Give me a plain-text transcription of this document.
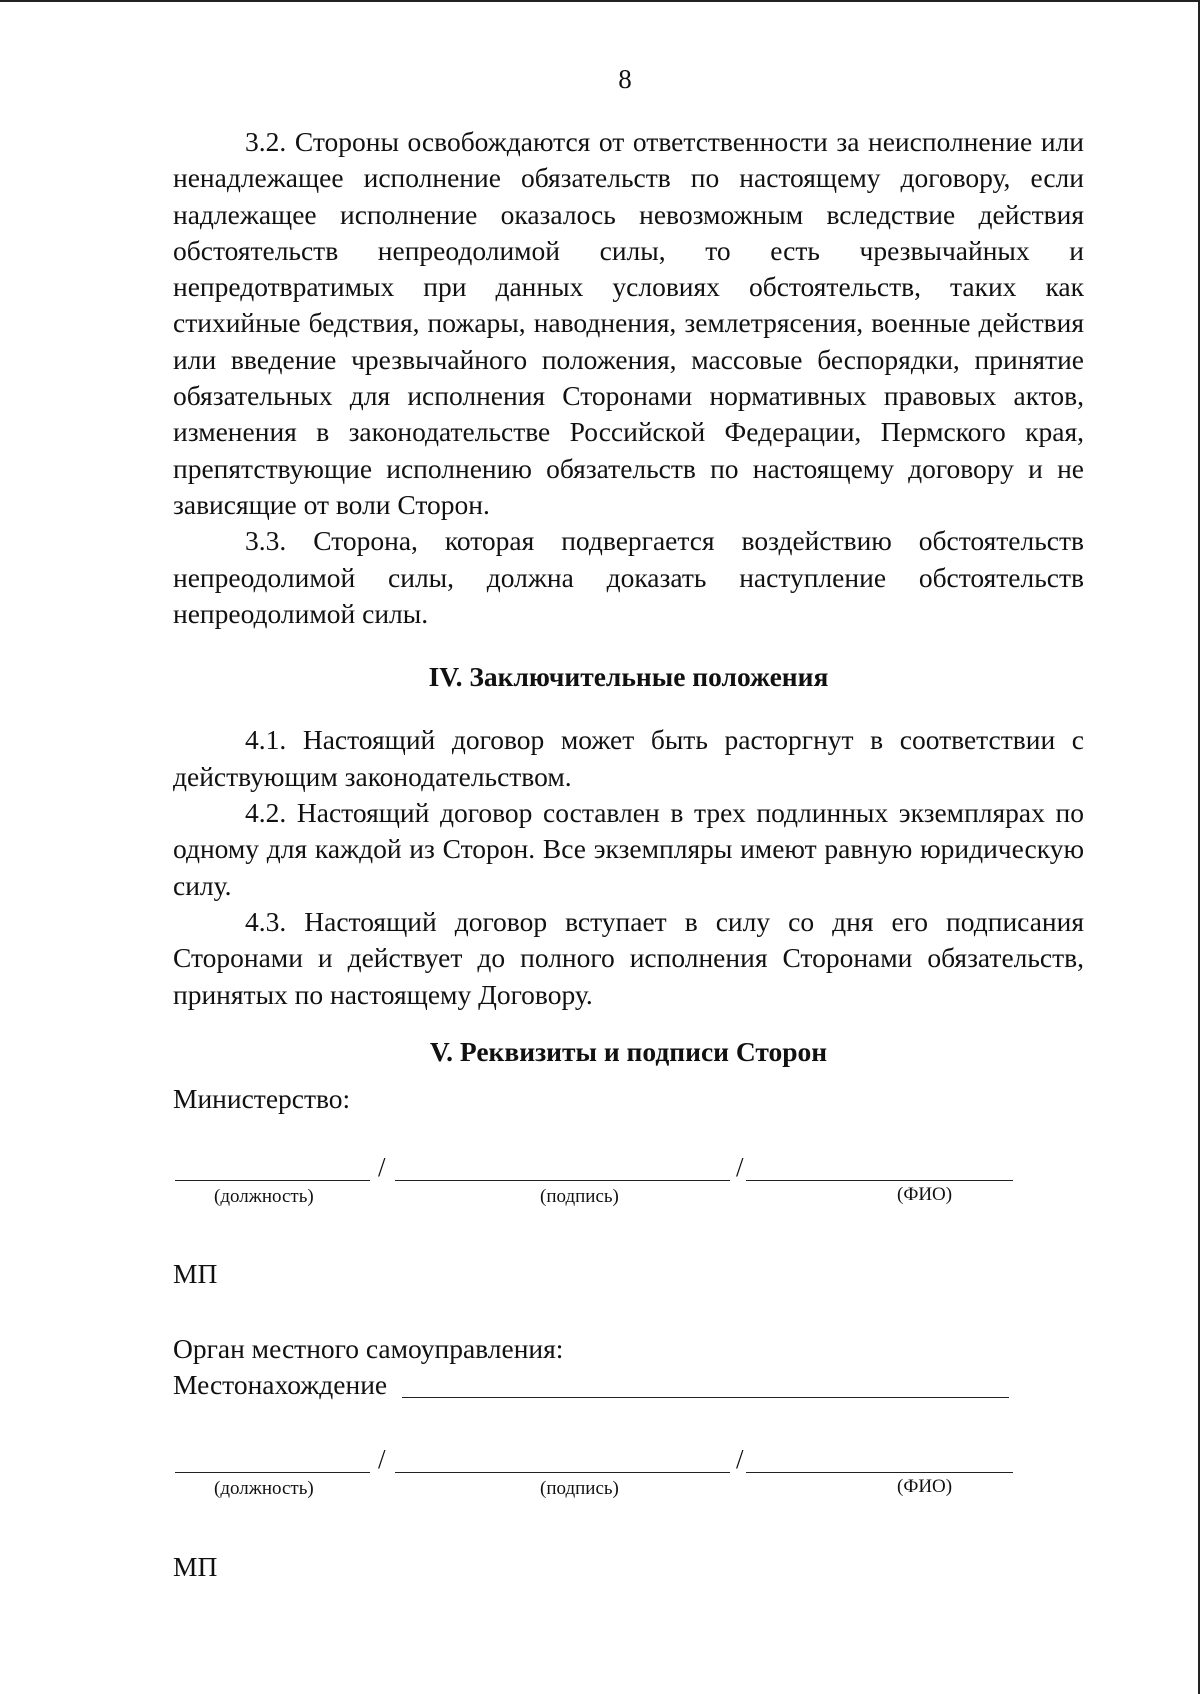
8

3.2. Стороны освобождаются от ответственности за неисполнение или ненадлежащее исполнение обязательств по настоящему договору, если надлежащее исполнение оказалось невозможным вследствие действия обстоятельств непреодолимой силы, то есть чрезвычайных и непредотвратимых при данных условиях обстоятельств, таких как стихийные бедствия, пожары, наводнения, землетрясения, военные действия или введение чрезвычайного положения, массовые беспорядки, принятие обязательных для исполнения Сторонами нормативных правовых актов, изменения в законодательстве Российской Федерации, Пермского края, препятствующие исполнению обязательств по настоящему договору и не зависящие от воли Сторон.

3.3. Сторона, которая подвергается воздействию обстоятельств непреодолимой силы, должна доказать наступление обстоятельств непреодолимой силы.

IV. Заключительные положения

4.1. Настоящий договор может быть расторгнут в соответствии с действующим законодательством.

4.2. Настоящий договор составлен в трех подлинных экземплярах по одному для каждой из Сторон. Все экземпляры имеют равную юридическую силу.

4.3. Настоящий договор вступает в силу со дня его подписания Сторонами и действует до полного исполнения Сторонами обязательств, принятых по настоящему Договору.

V. Реквизиты и подписи Сторон
Министерство:
/	/
(должность)	(подпись)	(ФИО)
МП
Орган местного самоуправления:
Местонахождение
/	/
(должность)	(подпись)	(ФИО)
МП
